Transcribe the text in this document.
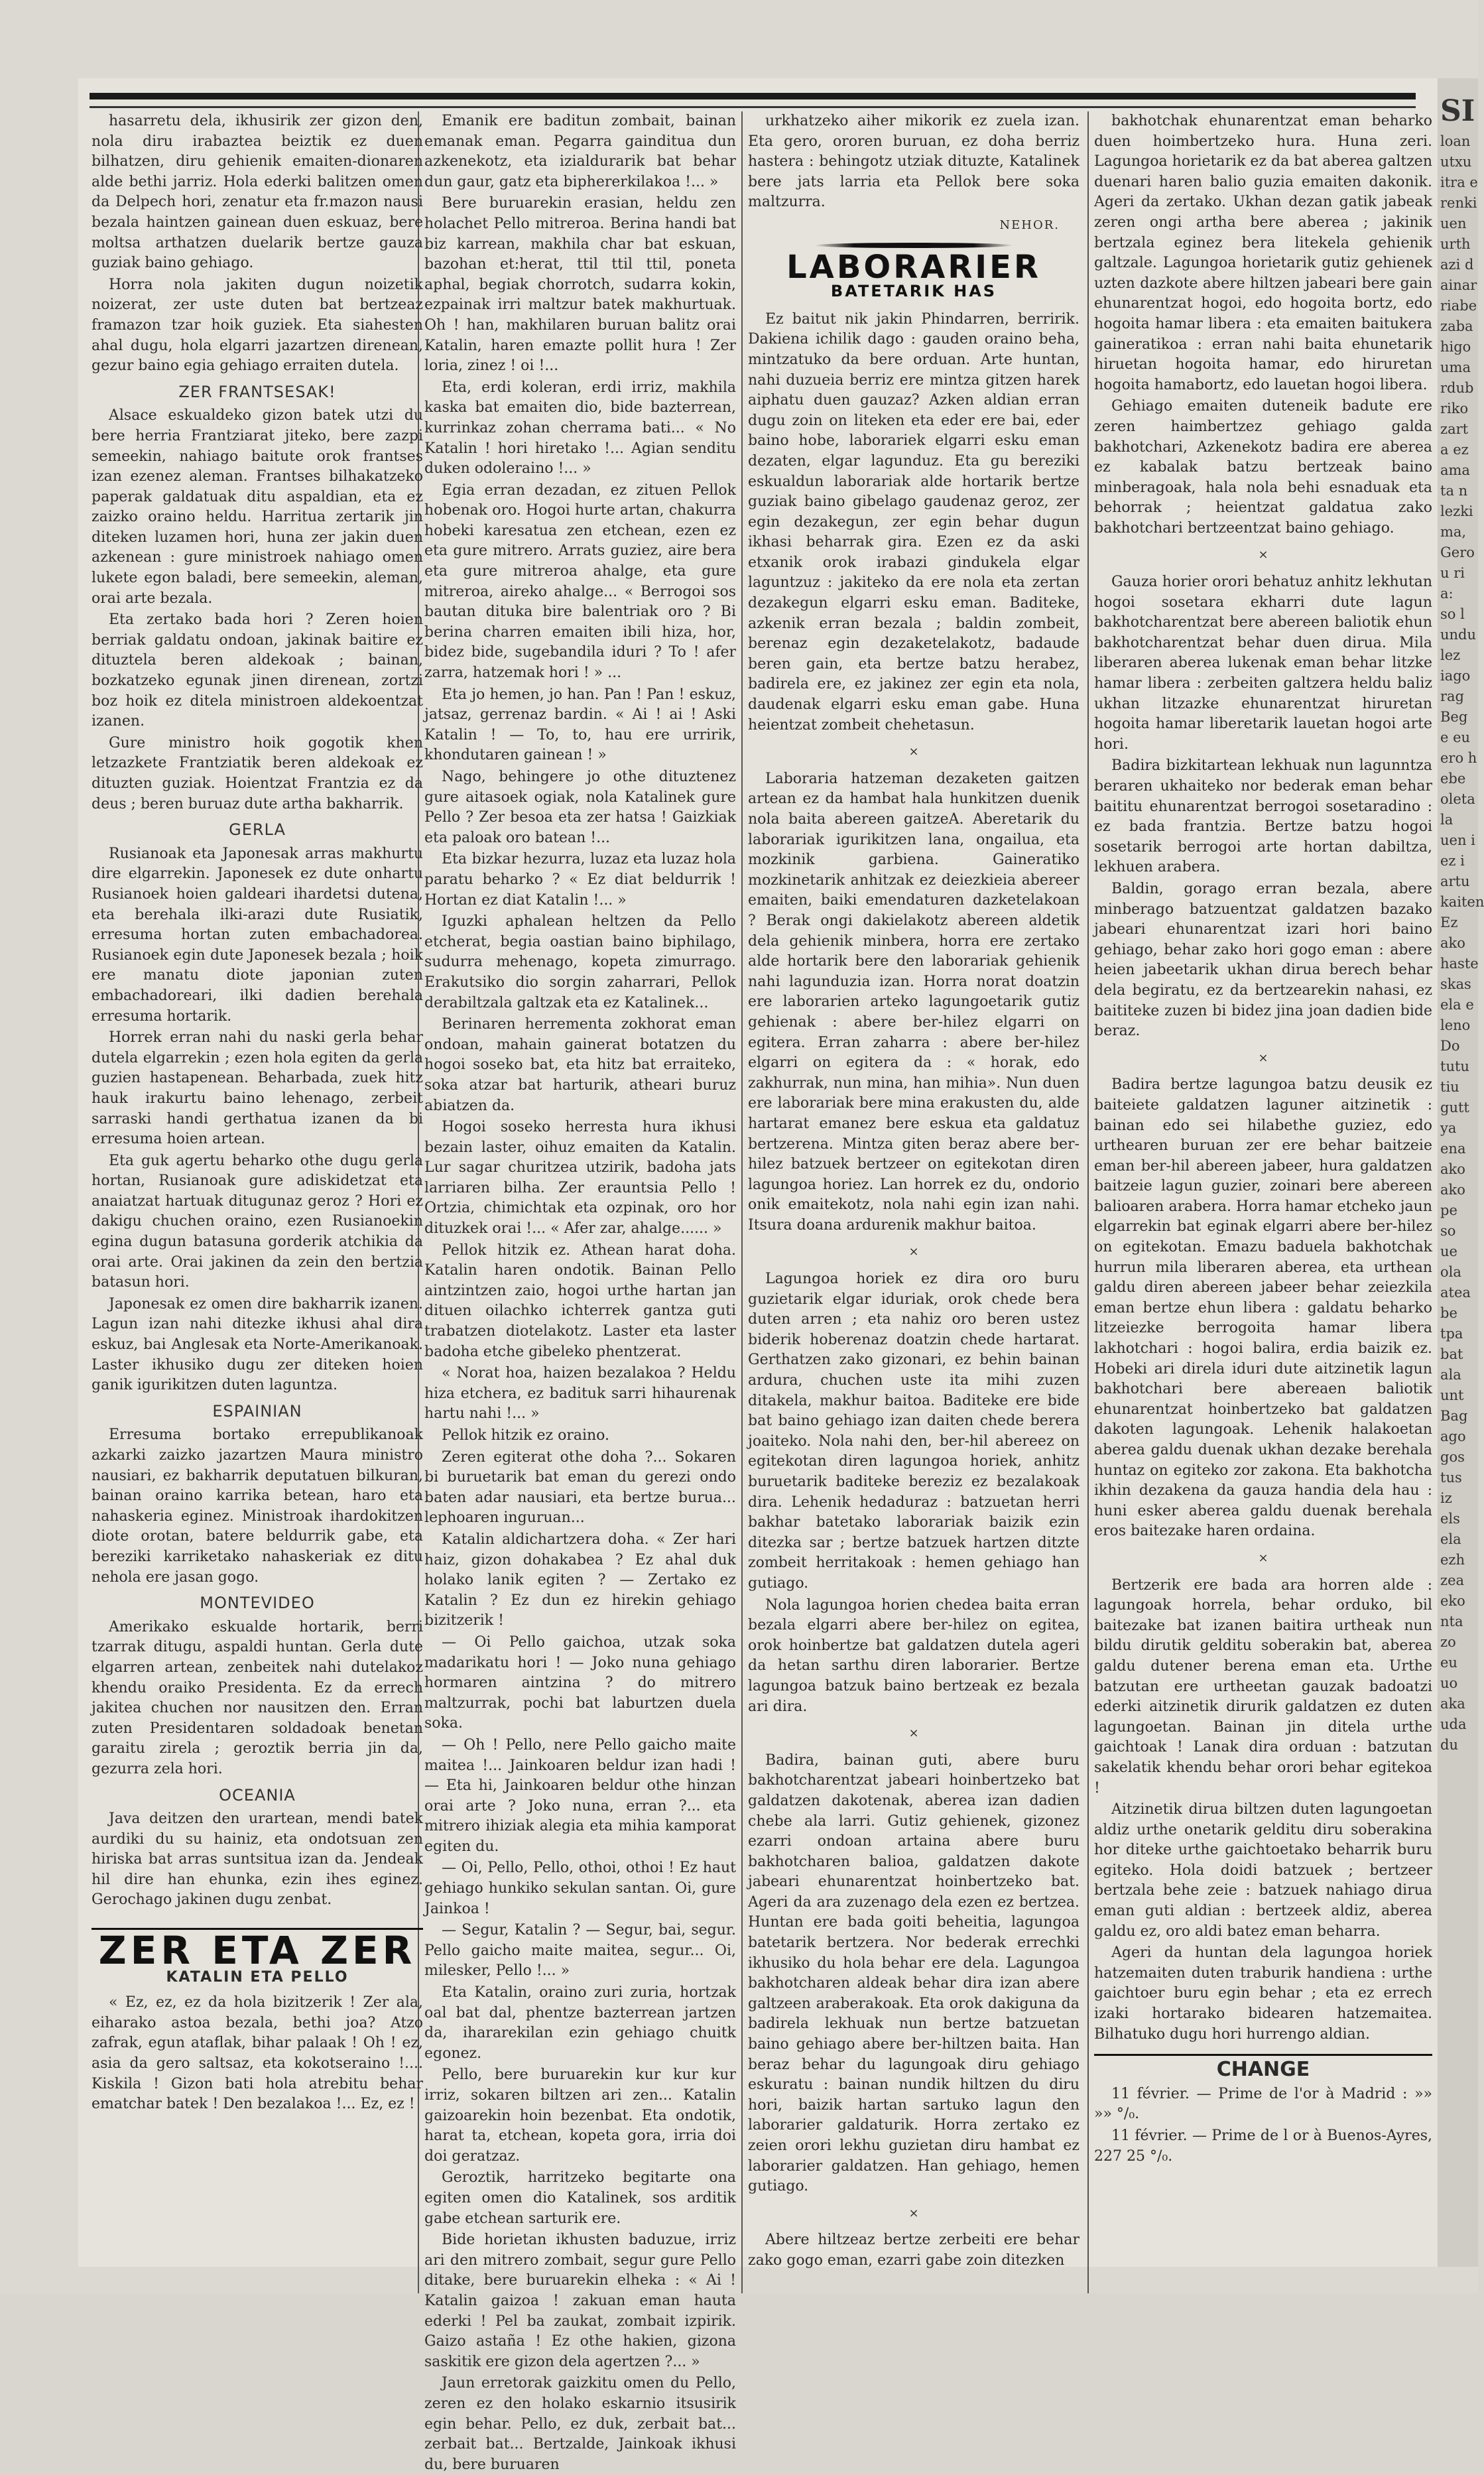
hasarretu dela, ikhusirik zer gizon den, nola diru irabaztea beiztik ez duen bilhatzen, diru gehienik emaiten-dionaren alde bethi jarriz. Hola ederki balitzen omen da Delpech hori, zenatur eta fr.mazon nausi bezala haintzen gainean duen eskuaz, bere moltsa arthatzen duelarik bertze gauza guziak baino gehiago.

Horra nola jakiten dugun noizetik noizerat, zer uste duten bat bertzeaz framazon tzar hoik guziek. Eta siahesten ahal dugu, hola elgarri jazartzen direnean, gezur baino egia gehiago erraiten dutela.

ZER FRANTSESAK!

Alsace eskualdeko gizon batek utzi du bere herria Frantziarat jiteko, bere zazpi semeekin, nahiago baitute orok frantses izan ezenez aleman. Frantses bilhakatzeko paperak galdatuak ditu aspaldian, eta ez zaizko oraino heldu. Harritua zertarik jin diteken luzamen hori, huna zer jakin duen azkenean : gure ministroek nahiago omen lukete egon baladi, bere semeekin, aleman, orai arte bezala.

Eta zertako bada hori ? Zeren hoien berriak galdatu ondoan, jakinak baitire ez dituztela beren aldekoak ; bainan, bozkatzeko egunak jinen direnean, zortzi boz hoik ez ditela ministroen aldekoentzat izanen.

Gure ministro hoik gogotik khen letzazkete Frantziatik beren aldekoak ez dituzten guziak. Hoientzat Frantzia ez da deus ; beren buruaz dute artha bakharrik.

GERLA

Rusianoak eta Japonesak arras makhurtu dire elgarrekin. Japonesek ez dute onhartu Rusianoek hoien galdeari ihardetsi dutena, eta berehala ilki-arazi dute Rusiatik, erresuma hortan zuten embachadorea. Rusianoek egin dute Japonesek bezala ; hoik ere manatu diote japonian zuten embachadoreari, ilki dadien berehala erresuma hortarik.

Horrek erran nahi du naski gerla behar dutela elgarrekin ; ezen hola egiten da gerla guzien hastapenean. Beharbada, zuek hitz hauk irakurtu baino lehenago, zerbeit sarraski handi gerthatua izanen da bi erresuma hoien artean.

Eta guk agertu beharko othe dugu gerla hortan, Rusianoak gure adiskidetzat eta anaiatzat hartuak ditugunaz geroz ? Hori ez dakigu chuchen oraino, ezen Rusianoekin egina dugun batasuna gorderik atchikia da orai arte. Orai jakinen da zein den bertzia batasun hori.

Japonesak ez omen dire bakharrik izanen. Lagun izan nahi ditezke ikhusi ahal dira eskuz, bai Anglesak eta Norte-Amerikanoak. Laster ikhusiko dugu zer diteken hoien ganik igurikitzen duten laguntza.

ESPAINIAN

Erresuma bortako errepublikanoak azkarki zaizko jazartzen Maura ministro nausiari, ez bakharrik deputatuen bilkuran, bainan oraino karrika betean, haro eta nahaskeria eginez. Ministroak ihardokitzen diote orotan, batere beldurrik gabe, eta bereziki karriketako nahaskeriak ez ditu nehola ere jasan gogo.

MONTEVIDEO

Amerikako eskualde hortarik, berri tzarrak ditugu, aspaldi huntan. Gerla dute elgarren artean, zenbeitek nahi dutelakoz khendu oraiko Presidenta. Ez da errech jakitea chuchen nor nausitzen den. Erran zuten Presidentaren soldadoak benetan garaitu zirela ; geroztik berria jin da, gezurra zela hori.

OCEANIA

Java deitzen den urartean, mendi batek aurdiki du su hainiz, eta ondotsuan zen hiriska bat arras suntsitua izan da. Jendeak hil dire han ehunka, ezin ihes eginez. Gerochago jakinen dugu zenbat.

ZER ETA ZER
KATALIN ETA PELLO

« Ez, ez, ez da hola bizitzerik ! Zer ala, eiharako astoa bezala, bethi joa? Atzo zafrak, egun ataflak, bihar palaak ! Oh ! ez, asia da gero saltsaz, eta kokotseraino !.... Kiskila ! Gizon bati hola atrebitu behar ematchar batek ! Den bezalakoa !... Ez, ez !

Emanik ere baditun zombait, bainan emanak eman. Pegarra gainditua dun azkenekotz, eta izialdurarik bat behar dun gaur, gatz eta biphererkilakoa !... »

Bere buruarekin erasian, heldu zen holachet Pello mitreroa. Berina handi bat biz karrean, makhila char bat eskuan, bazohan et:herat, ttil ttil ttil, poneta aphal, begiak chorrotch, sudarra kokin, ezpainak irri maltzur batek makhurtuak. Oh ! han, makhilaren buruan balitz orai Katalin, haren emazte pollit hura ! Zer loria, zinez ! oi !...

Eta, erdi koleran, erdi irriz, makhila kaska bat emaiten dio, bide bazterrean, kurrinkaz zohan cherrama bati... « No Katalin ! hori hiretako !... Agian senditu duken odoleraino !... »

Egia erran dezadan, ez zituen Pellok hobenak oro. Hogoi hurte artan, chakurra hobeki karesatua zen etchean, ezen ez eta gure mitrero. Arrats guziez, aire bera eta gure mitreroa ahalge, eta gure mitreroa, aireko ahalge... « Berrogoi sos bautan dituka bire balentriak oro ? Bi berina charren emaiten ibili hiza, hor, bidez bide, sugebandila iduri ? To ! afer zarra, hatzemak hori ! » ...

Eta jo hemen, jo han. Pan ! Pan ! eskuz, jatsaz, gerrenaz bardin. « Ai ! ai ! Aski Katalin ! — To, to, hau ere urririk, khondutaren gainean ! »

Nago, behingere jo othe dituztenez gure aitasoek ogiak, nola Katalinek gure Pello ? Zer besoa eta zer hatsa ! Gaizkiak eta paloak oro batean !...

Eta bizkar hezurra, luzaz eta luzaz hola paratu beharko ? « Ez diat beldurrik ! Hortan ez diat Katalin !... »

Iguzki aphalean heltzen da Pello etcherat, begia oastian baino biphilago, sudurra mehenago, kopeta zimurrago. Erakutsiko dio sorgin zaharrari, Pellok derabiltzala galtzak eta ez Katalinek...

Berinaren herrementa zokhorat eman ondoan, mahain gainerat botatzen du hogoi soseko bat, eta hitz bat erraiteko, soka atzar bat harturik, atheari buruz abiatzen da.

Hogoi soseko herresta hura ikhusi bezain laster, oihuz emaiten da Katalin. Lur sagar churitzea utzirik, badoha jats larriaren bilha. Zer erauntsia Pello ! Ortzia, chimichtak eta ozpinak, oro hor dituzkek orai !... « Afer zar, ahalge...... »

Pellok hitzik ez. Athean harat doha. Katalin haren ondotik. Bainan Pello aintzintzen zaio, hogoi urthe hartan jan dituen oilachko ichterrek gantza guti trabatzen diotelakotz. Laster eta laster badoha etche gibeleko phentzerat.

« Norat hoa, haizen bezalakoa ? Heldu hiza etchera, ez badituk sarri hihaurenak hartu nahi !... »

Pellok hitzik ez oraino.

Zeren egiterat othe doha ?... Sokaren bi buruetarik bat eman du gerezi ondo baten adar nausiari, eta bertze burua... lephoaren inguruan...

Katalin aldichartzera doha. « Zer hari haiz, gizon dohakabea ? Ez ahal duk holako lanik egiten ? — Zertako ez Katalin ? Ez dun ez hirekin gehiago bizitzerik !

— Oi Pello gaichoa, utzak soka madarikatu hori ! — Joko nuna gehiago hormaren aintzina ? do mitrero maltzurrak, pochi bat laburtzen duela soka.

— Oh ! Pello, nere Pello gaicho maite maitea !... Jainkoaren beldur izan hadi ! — Eta hi, Jainkoaren beldur othe hinzan orai arte ? Joko nuna, erran ?... eta mitrero ihiziak alegia eta mihia kamporat egiten du.

— Oi, Pello, Pello, othoi, othoi ! Ez haut gehiago hunkiko sekulan santan. Oi, gure Jainkoa !

— Segur, Katalin ? — Segur, bai, segur. Pello gaicho maite maitea, segur... Oi, milesker, Pello !... »

Eta Katalin, oraino zuri zuria, hortzak oal bat dal, phentze bazterrean jartzen da, ihararekilan ezin gehiago chuitk egonez.

Pello, bere buruarekin kur kur kur irriz, sokaren biltzen ari zen... Katalin gaizoarekin hoin bezenbat. Eta ondotik, harat ta, etchean, kopeta gora, irria doi doi geratzaz.

Geroztik, harritzeko begitarte ona egiten omen dio Katalinek, sos arditik gabe etchean sarturik ere.

Bide horietan ikhusten baduzue, irriz ari den mitrero zombait, segur gure Pello ditake, bere buruarekin elheka : « Ai ! Katalin gaizoa ! zakuan eman hauta ederki ! Pel ba zaukat, zombait izpirik. Gaizo astaña ! Ez othe hakien, gizona saskitik ere gizon dela agertzen ?... »

Jaun erretorak gaizkitu omen du Pello, zeren ez den holako eskarnio itsusirik egin behar. Pello, ez duk, zerbait bat... zerbait bat... Bertzalde, Jainkoak ikhusi du, bere buruaren

urkhatzeko aiher mikorik ez zuela izan. Eta gero, ororen buruan, ez doha berriz hastera : behingotz utziak dituzte, Katalinek bere jats larria eta Pellok bere soka maltzurra.

NEHOR.
LABORARIER
BATETARIK HAS

Ez baitut nik jakin Phindarren, berririk. Dakiena ichilik dago : gauden oraino beha, mintzatuko da bere orduan. Arte huntan, nahi duzueia berriz ere mintza gitzen harek aiphatu duen gauzaz? Azken aldian erran dugu zoin on liteken eta eder ere bai, eder baino hobe, laborariek elgarri esku eman dezaten, elgar lagunduz. Eta gu bereziki eskualdun laborariak alde hortarik bertze guziak baino gibelago gaudenaz geroz, zer egin dezakegun, zer egin behar dugun ikhasi beharrak gira. Ezen ez da aski etxanik orok irabazi gindukela elgar laguntzuz : jakiteko da ere nola eta zertan dezakegun elgarri esku eman. Baditeke, azkenik erran bezala ; baldin zombeit, berenaz egin dezaketelakotz, badaude beren gain, eta bertze batzu herabez, badirela ere, ez jakinez zer egin eta nola, daudenak elgarri esku eman gabe. Huna heientzat zombeit chehetasun.

×

Laboraria hatzeman dezaketen gaitzen artean ez da hambat hala hunkitzen duenik nola baita abereen gaitzeA. Aberetarik du laborariak igurikitzen lana, ongailua, eta mozkinik garbiena. Gaineratiko mozkinetarik anhitzak ez deiezkieia abereer emaiten, baiki emendaturen dazketelakoan ? Berak ongi dakielakotz abereen aldetik dela gehienik minbera, horra ere zertako alde hortarik bere den laborariak gehienik nahi lagunduzia izan. Horra norat doatzin ere laborarien arteko lagungoetarik gutiz gehienak : abere ber-hilez elgarri on egitera. Erran zaharra : abere ber-hilez elgarri on egitera da : « horak, edo zakhurrak, nun mina, han mihia». Nun duen ere laborariak bere mina erakusten du, alde hartarat emanez bere eskua eta galdatuz bertzerena. Mintza giten beraz abere ber-hilez batzuek bertzeer on egitekotan diren lagungoa horiez. Lan horrek ez du, ondorio onik emaitekotz, nola nahi egin izan nahi. Itsura doana ardurenik makhur baitoa.

×

Lagungoa horiek ez dira oro buru guzietarik elgar iduriak, orok chede bera duten arren ; eta nahiz oro beren ustez biderik hoberenaz doatzin chede hartarat. Gerthatzen zako gizonari, ez behin bainan ardura, chuchen uste ita mihi zuzen ditakela, makhur baitoa. Baditeke ere bide bat baino gehiago izan daiten chede berera joaiteko. Nola nahi den, ber-hil abereez on egitekotan diren lagungoa horiek, anhitz buruetarik baditeke bereziz ez bezalakoak dira. Lehenik hedaduraz : batzuetan herri bakhar batetako laborariak baizik ezin ditezka sar ; bertze batzuek hartzen ditzte zombeit herritakoak : hemen gehiago han gutiago.

Nola lagungoa horien chedea baita erran bezala elgarri abere ber-hilez on egitea, orok hoinbertze bat galdatzen dutela ageri da hetan sarthu diren laborarier. Bertze lagungoa batzuk baino bertzeak ez bezala ari dira.

×

Badira, bainan guti, abere buru bakhotcharentzat jabeari hoinbertzeko bat galdatzen dakotenak, aberea izan dadien chebe ala larri. Gutiz gehienek, gizonez ezarri ondoan artaina abere buru bakhotcharen balioa, galdatzen dakote jabeari ehunarentzat hoinbertzeko bat. Ageri da ara zuzenago dela ezen ez bertzea. Huntan ere bada goiti beheitia, lagungoa batetarik bertzera. Nor bederak errechki ikhusiko du hola behar ere dela. Lagungoa bakhotcharen aldeak behar dira izan abere galtzeen araberakoak. Eta orok dakiguna da badirela lekhuak nun bertze batzuetan baino gehiago abere ber-hiltzen baita. Han beraz behar du lagungoak diru gehiago eskuratu : bainan nundik hiltzen du diru hori, baizik hartan sartuko lagun den laborarier galdaturik. Horra zertako ez zeien orori lekhu guzietan diru hambat ez laborarier galdatzen. Han gehiago, hemen gutiago.

×

Abere hiltzeaz bertze zerbeiti ere behar zako gogo eman, ezarri gabe zoin ditezken

bakhotchak ehunarentzat eman beharko duen hoimbertzeko hura. Huna zeri. Lagungoa horietarik ez da bat aberea galtzen duenari haren balio guzia emaiten dakonik. Ageri da zertako. Ukhan dezan gatik jabeak zeren ongi artha bere aberea ; jakinik bertzala eginez bera litekela gehienik galtzale. Lagungoa horietarik gutiz gehienek uzten dazkote abere hiltzen jabeari bere gain ehunarentzat hogoi, edo hogoita bortz, edo hogoita hamar libera : eta emaiten baitukera gaineratikoa : erran nahi baita ehunetarik hiruetan hogoita hamar, edo hiruretan hogoita hamabortz, edo lauetan hogoi libera.

Gehiago emaiten duteneik badute ere zeren haimbertzez gehiago galda bakhotchari, Azkenekotz badira ere aberea ez kabalak batzu bertzeak baino minberagoak, hala nola behi esnaduak eta behorrak ; heientzat galdatua zako bakhotchari bertzeentzat baino gehiago.

×

Gauza horier orori behatuz anhitz lekhutan hogoi sosetara ekharri dute lagun bakhotcharentzat bere abereen baliotik ehun bakhotcharentzat behar duen dirua. Mila liberaren aberea lukenak eman behar litzke hamar libera : zerbeiten galtzera heldu baliz ukhan litzazke ehunarentzat hiruretan hogoita hamar liberetarik lauetan hogoi arte hori.

Badira bizkitartean lekhuak nun lagunntza beraren ukhaiteko nor bederak eman behar baititu ehunarentzat berrogoi sosetaradino : ez bada frantzia. Bertze batzu hogoi sosetarik berrogoi arte hortan dabiltza, lekhuen arabera.

Baldin, gorago erran bezala, abere minberago batzuentzat galdatzen bazako jabeari ehunarentzat izari hori baino gehiago, behar zako hori gogo eman : abere heien jabeetarik ukhan dirua berech behar dela begiratu, ez da bertzearekin nahasi, ez baititeke zuzen bi bidez jina joan dadien bide beraz.

×

Badira bertze lagungoa batzu deusik ez baiteiete galdatzen laguner aitzinetik : bainan edo sei hilabethe guziez, edo urthearen buruan zer ere behar baitzeie eman ber-hil abereen jabeer, hura galdatzen baitzeie lagun guzier, zoinari bere abereen balioaren arabera. Horra hamar etcheko jaun elgarrekin bat eginak elgarri abere ber-hilez on egitekotan. Emazu baduela bakhotchak hurrun mila liberaren aberea, eta urthean galdu diren abereen jabeer behar zeiezkila eman bertze ehun libera : galdatu beharko litzeiezke berrogoita hamar libera lakhotchari : hogoi balira, erdia baizik ez. Hobeki ari direla iduri dute aitzinetik lagun bakhotchari bere abereaen baliotik ehunarentzat hoinbertzeko bat galdatzen dakoten lagungoak. Lehenik halakoetan aberea galdu duenak ukhan dezake berehala huntaz on egiteko zor zakona. Eta bakhotcha ikhin dezakena da gauza handia dela hau : huni esker aberea galdu duenak berehala eros baitezake haren ordaina.

×

Bertzerik ere bada ara horren alde : lagungoak horrela, behar orduko, bil baitezake bat izanen baitira urtheak nun bildu dirutik gelditu soberakin bat, aberea galdu dutener berena eman eta. Urthe batzutan ere urtheetan gauzak badoatzi ederki aitzinetik dirurik galdatzen ez duten lagungoetan. Bainan jin ditela urthe gaichtoak ! Lanak dira orduan : batzutan sakelatik khendu behar orori behar egitekoa !

Aitzinetik dirua biltzen duten lagungoetan aldiz urthe onetarik gelditu diru soberakina hor diteke urthe gaichtoetako beharrik buru egiteko. Hola doidi batzuek ; bertzeer bertzala behe zeie : batzuek nahiago dirua eman guti aldian : bertzeek aldiz, aberea galdu ez, oro aldi batez eman beharra.

Ageri da huntan dela lagungoa horiek hatzemaiten duten traburik handiena : urthe gaichtoer buru egin behar ; eta ez errech izaki hortarako bidearen hatzemaitea. Bilhatuko dugu hori hurrengo aldian.

CHANGE

11 février. — Prime de l'or à Madrid : »» »» °/₀.

11 février. — Prime de l or à Buenos-Ayres, 227 25 °/₀.

SI
loan
utxu
itra e
renki
uen
urth
azi d
ainar
riabe
zaba
higo
uma
rdub
riko
zart
a ez
ama
ta n
lezki
ma,
Gero
u ri
a:
so l
undu
lez
iago
rag
Beg
e eu
ero h
ebe
oleta
la
uen i
ez i
artu
kaiten
Ez
ako
haste
skas
ela e
leno
Do
tutu
tiu
gutt
ya
ena
ako
ako
pe
so
ue
ola
atea
be
tpa
bat
ala
unt
Bag
ago
gos
tus
iz
els
ela
ezh
zea
eko
nta
zo
eu
uo
aka
uda
du
